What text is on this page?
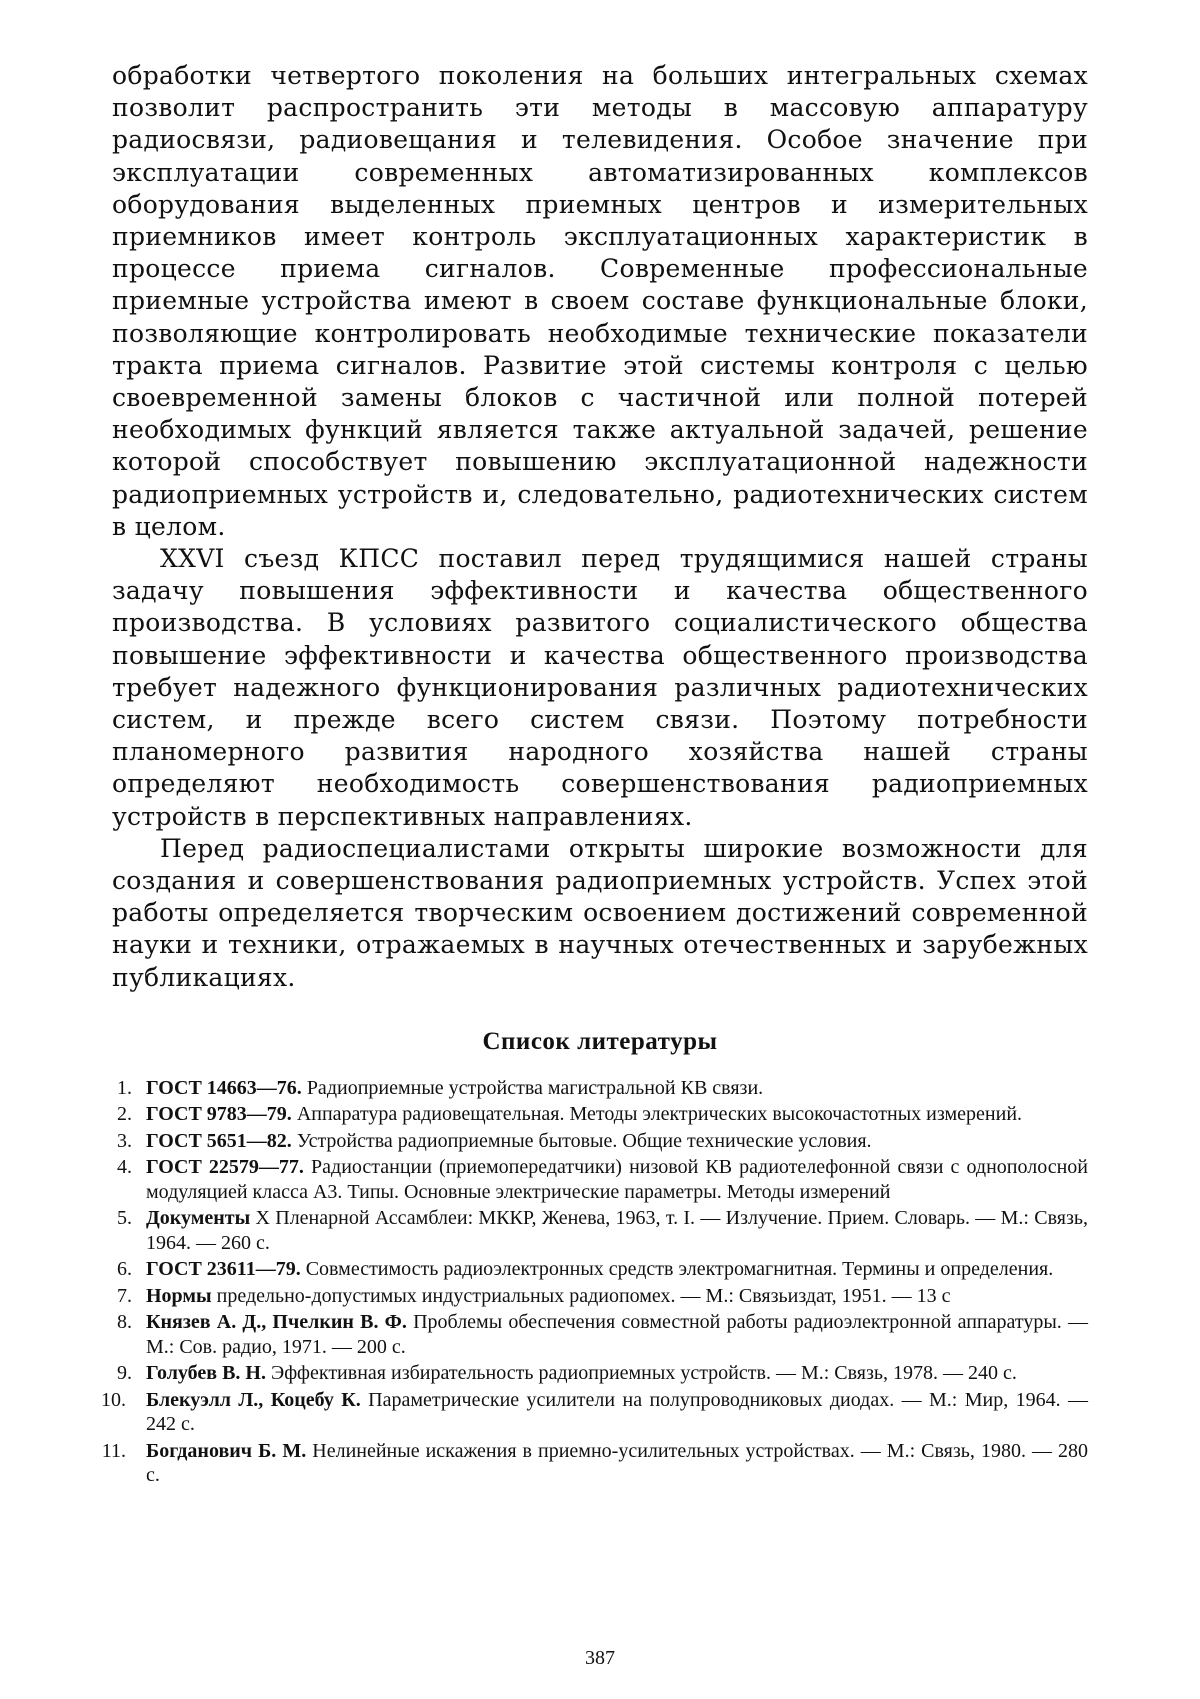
обработки четвертого поколения на больших интегральных схемах позволит распространить эти методы в массовую аппаратуру радиосвязи, радиовещания и телевидения. Особое значение при эксплуатации современных автоматизированных комплексов оборудования выделенных приемных центров и измерительных приемников имеет контроль эксплуатационных характеристик в процессе приема сигналов. Современные профессиональные приемные устройства имеют в своем составе функциональные блоки, позволяющие контролировать необходимые технические показатели тракта приема сигналов. Развитие этой системы контроля с целью своевременной замены блоков с частичной или полной потерей необходимых функций является также актуальной задачей, решение которой способствует повышению эксплуатационной надежности радиоприемных устройств и, следовательно, радиотехнических систем в целом.

XXVI съезд КПСС поставил перед трудящимися нашей страны задачу повышения эффективности и качества общественного производства. В условиях развитого социалистического общества повышение эффективности и качества общественного производства требует надежного функционирования различных радиотехнических систем, и прежде всего систем связи. Поэтому потребности планомерного развития народного хозяйства нашей страны определяют необходимость совершенствования радиоприемных устройств в перспективных направлениях.

Перед радиоспециалистами открыты широкие возможности для создания и совершенствования радиоприемных устройств. Успех этой работы определяется творческим освоением достижений современной науки и техники, отражаемых в научных отечественных и зарубежных публикациях.

Список литературы
1. ГОСТ 14663—76. Радиоприемные устройства магистральной КВ связи.
2. ГОСТ 9783—79. Аппаратура радиовещательная. Методы электрических высокочастотных измерений.
3. ГОСТ 5651—82. Устройства радиоприемные бытовые. Общие технические условия.
4. ГОСТ 22579—77. Радиостанции (приемопередатчики) низовой КВ радиотелефонной связи с однополосной модуляцией класса А3. Типы. Основные электрические параметры. Методы измерений
5. Документы X Пленарной Ассамблеи: МККР, Женева, 1963, т. I. — Излучение. Прием. Словарь. — М.: Связь, 1964. — 260 с.
6. ГОСТ 23611—79. Совместимость радиоэлектронных средств электромагнитная. Термины и определения.
7. Нормы предельно-допустимых индустриальных радиопомех. — М.: Связьиздат, 1951. — 13 с
8. Князев А. Д., Пчелкин В. Ф. Проблемы обеспечения совместной работы радиоэлектронной аппаратуры. — М.: Сов. радио, 1971. — 200 с.
9. Голубев В. Н. Эффективная избирательность радиоприемных устройств. — М.: Связь, 1978. — 240 с.
10.	Блекуэлл Л., Коцебу К. Параметрические усилители на полупроводниковых диодах. — М.: Мир, 1964. — 242 с.
11.	Богданович Б. М. Нелинейные искажения в приемно-усилительных устройствах. — М.: Связь, 1980. — 280 с.
387
